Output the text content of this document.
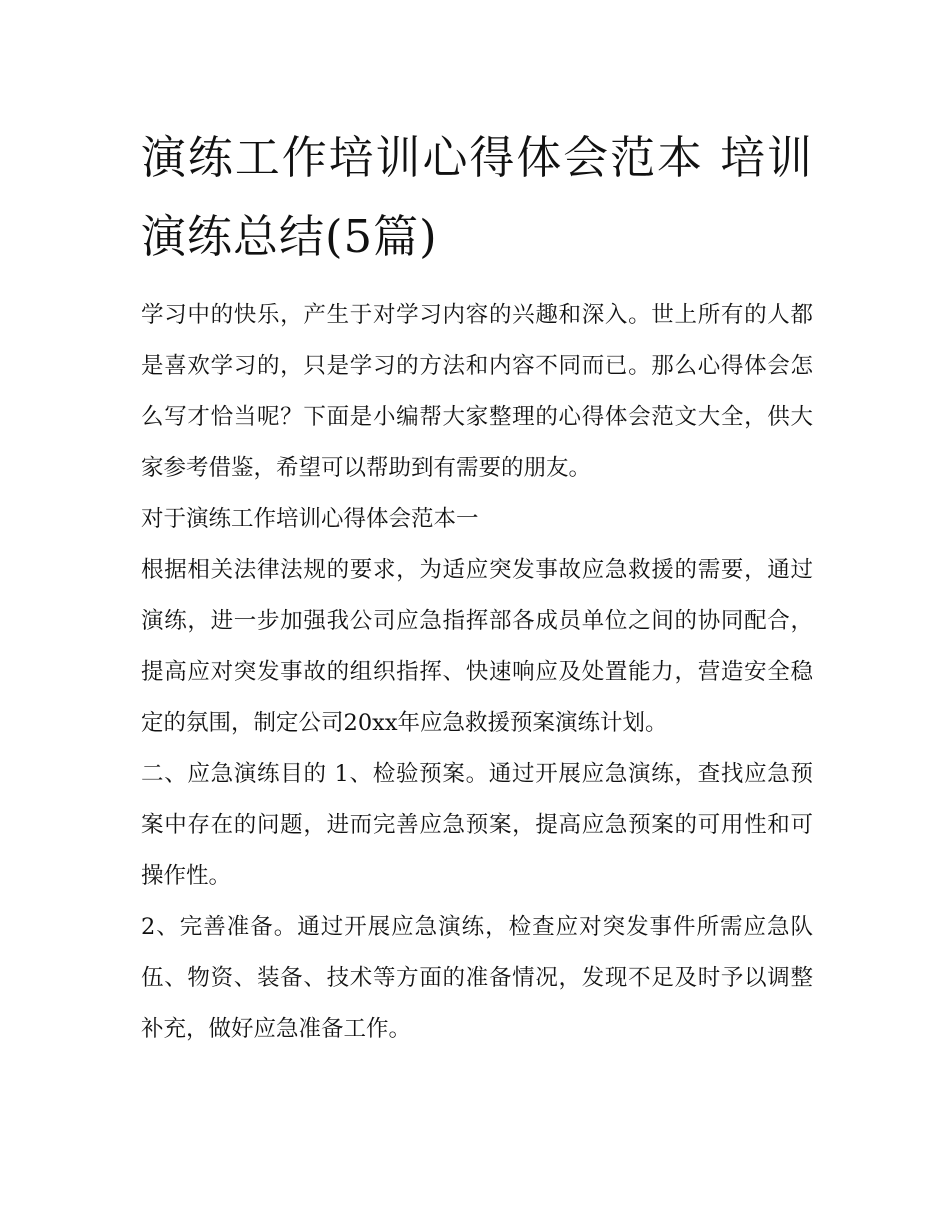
演练工作培训心得体会范本 培训演练总结(5篇)

学习中的快乐，产生于对学习内容的兴趣和深入。世上所有的人都是喜欢学习的，只是学习的方法和内容不同而已。那么心得体会怎么写才恰当呢？下面是小编帮大家整理的心得体会范文大全，供大家参考借鉴，希望可以帮助到有需要的朋友。

对于演练工作培训心得体会范本一

根据相关法律法规的要求，为适应突发事故应急救援的需要，通过演练，进一步加强我公司应急指挥部各成员单位之间的协同配合，提高应对突发事故的组织指挥、快速响应及处置能力，营造安全稳定的氛围，制定公司20xx年应急救援预案演练计划。

二、应急演练目的 1、检验预案。通过开展应急演练，查找应急预案中存在的问题，进而完善应急预案，提高应急预案的可用性和可操作性。

2、完善准备。通过开展应急演练，检查应对突发事件所需应急队伍、物资、装备、技术等方面的准备情况，发现不足及时予以调整补充，做好应急准备工作。
